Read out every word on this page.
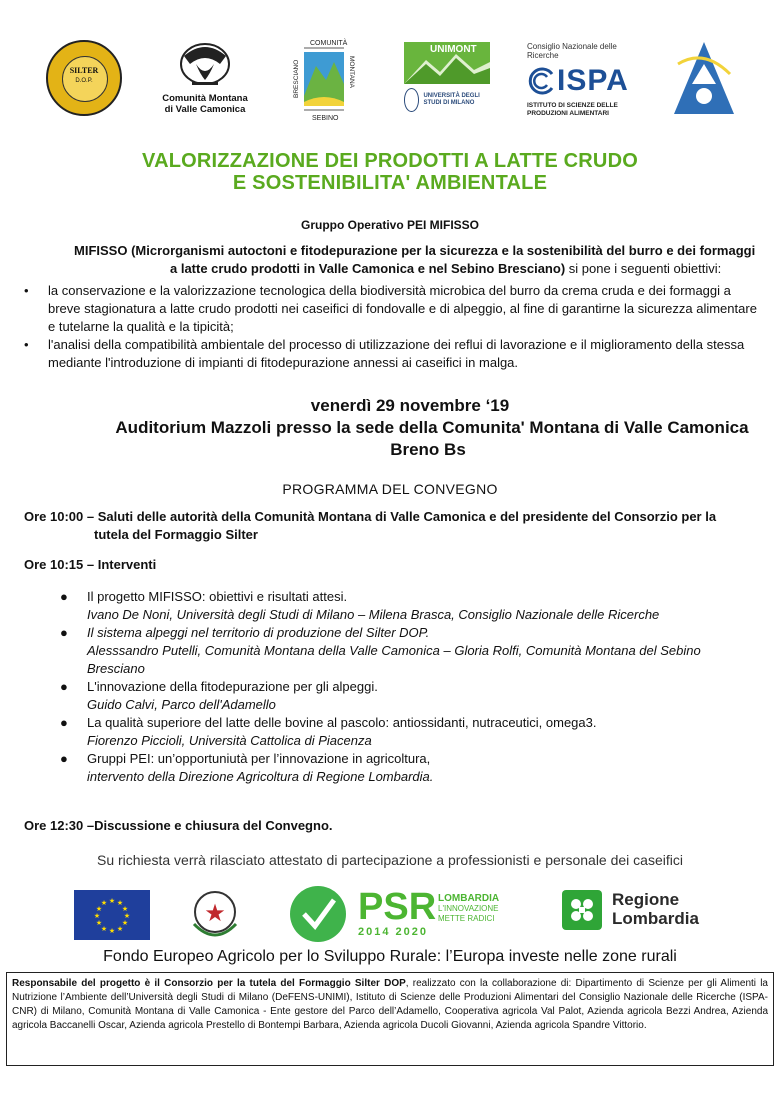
SILTER
D.O.P.
Comunità Montana
di Valle Camonica
COMUNITÀ
BRESCIANO	MONTANA
SEBINO
UNIMONT
UNIVERSITÀ DEGLI STUDI DI MILANO
Consiglio Nazionale delle Ricerche
ISPA
ISTITUTO DI SCIENZE DELLE
PRODUZIONI ALIMENTARI
VALORIZZAZIONE DEI PRODOTTI A LATTE CRUDO
E SOSTENIBILITA' AMBIENTALE
Gruppo Operativo PEI MIFISSO
MIFISSO (Microrganismi autoctoni e fitodepurazione per la sicurezza e la sostenibilità del burro e dei formaggi
a latte crudo prodotti in Valle Camonica e nel Sebino Bresciano) si pone i seguenti obiettivi:
• la conservazione e la valorizzazione tecnologica della biodiversità microbica del burro da crema cruda e dei formaggi a breve stagionatura a latte crudo prodotti nei caseifici di fondovalle e di alpeggio, al fine di garantirne la sicurezza alimentare e tutelarne la qualità e la tipicità;
• l'analisi della compatibilità ambientale del processo di utilizzazione dei reflui di lavorazione e il miglioramento della stessa mediante l'introduzione di impianti di fitodepurazione annessi ai caseifici in malga.
venerdì 29 novembre ‘19
Auditorium Mazzoli presso la sede della Comunita' Montana di Valle Camonica
Breno Bs
PROGRAMMA DEL CONVEGNO
Ore 10:00 – Saluti delle autorità della Comunità Montana di Valle Camonica e del presidente del Consorzio per la
tutela del Formaggio Silter
Ore 10:15 – Interventi
● Il progetto MIFISSO: obiettivi e risultati attesi.
Ivano De Noni, Università degli Studi di Milano – Milena Brasca, Consiglio Nazionale delle Ricerche
● Il sistema alpeggi nel territorio di produzione del Silter DOP.
Alesssandro Putelli, Comunità Montana della Valle Camonica – Gloria Rolfi, Comunità Montana del Sebino Bresciano
● L'innovazione della fitodepurazione per gli alpeggi.
Guido Calvi, Parco dell'Adamello
● La qualità superiore del latte delle bovine al pascolo: antiossidanti, nutraceutici, omega3.
Fiorenzo Piccioli, Università Cattolica di Piacenza
● Gruppi PEI: un’opportuniutà per l’innovazione in agricoltura,
intervento della Direzione Agricoltura di Regione Lombardia.
Ore 12:30 –Discussione e chiusura del Convegno.
Su richiesta verrà rilasciato attestato di partecipazione a professionisti e personale dei caseifici
★ ★
★
★
★
★
★
★
★
★
★
★	★	PSR
2014 2020
LOMBARDIA
L'INNOVAZIONE
METTE RADICI
Regione
Lombardia
Fondo Europeo Agricolo per lo Sviluppo Rurale: l’Europa investe nelle zone rurali
Responsabile del progetto è il Consorzio per la tutela del Formaggio Silter DOP, realizzato con la collaborazione di: Dipartimento di Scienze per gli Alimenti la Nutrizione l’Ambiente dell’Università degli Studi di Milano (DeFENS-UNIMI), Istituto di Scienze delle Produzioni Alimentari del Consiglio Nazionale delle Ricerche (ISPA-CNR) di Milano, Comunità Montana di Valle Camonica - Ente gestore del Parco dell’Adamello, Cooperativa agricola Val Palot, Azienda agricola Bezzi Andrea, Azienda agricola Baccanelli Oscar, Azienda agricola Prestello di Bontempi Barbara, Azienda agricola Ducoli Giovanni, Azienda agricola Spandre Vittorio.
